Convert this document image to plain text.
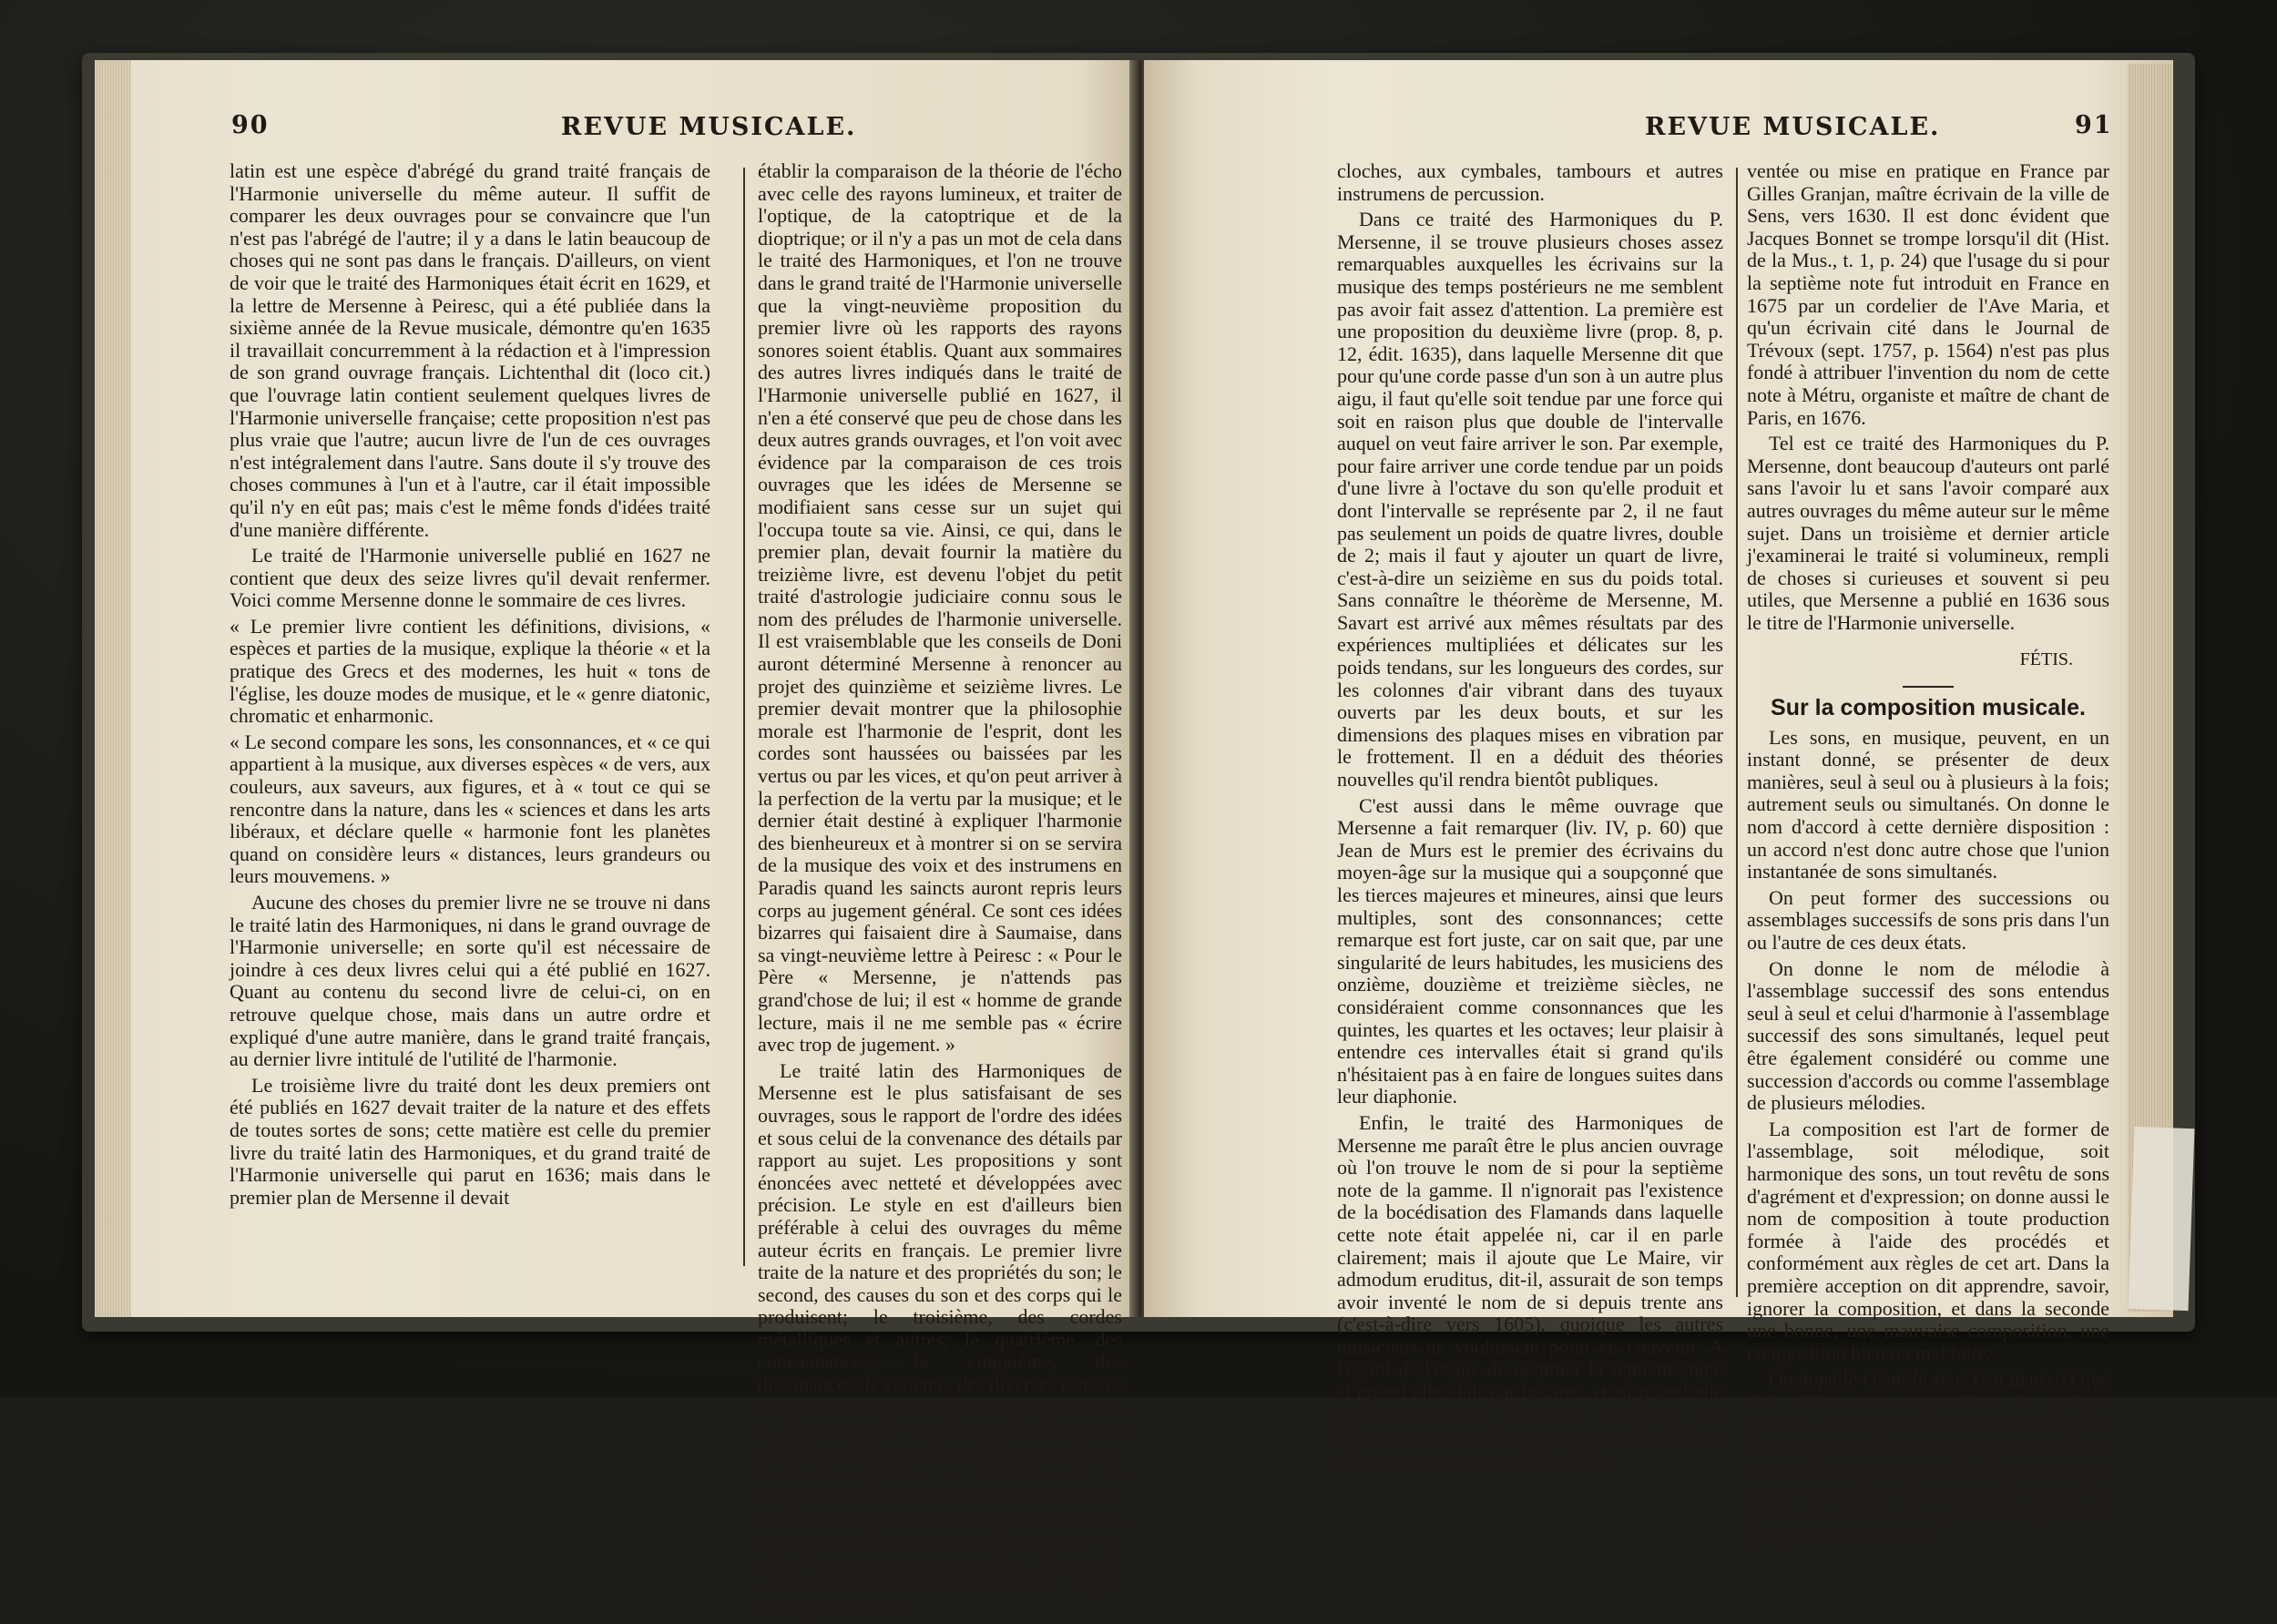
90	REVUE MUSICALE.

latin est une espèce d'abrégé du grand traité français de l'Harmonie universelle du même auteur. Il suffit de comparer les deux ouvrages pour se convaincre que l'un n'est pas l'abrégé de l'autre; il y a dans le latin beaucoup de choses qui ne sont pas dans le français. D'ailleurs, on vient de voir que le traité des Harmoniques était écrit en 1629, et la lettre de Mersenne à Peiresc, qui a été publiée dans la sixième année de la Revue musicale, démontre qu'en 1635 il travaillait concurremment à la rédaction et à l'impression de son grand ouvrage français. Lichtenthal dit (loco cit.) que l'ouvrage latin contient seulement quelques livres de l'Harmonie universelle française; cette proposition n'est pas plus vraie que l'autre; aucun livre de l'un de ces ouvrages n'est intégralement dans l'autre. Sans doute il s'y trouve des choses communes à l'un et à l'autre, car il était impossible qu'il n'y en eût pas; mais c'est le même fonds d'idées traité d'une manière différente.

Le traité de l'Harmonie universelle publié en 1627 ne contient que deux des seize livres qu'il devait renfermer. Voici comme Mersenne donne le sommaire de ces livres.

« Le premier livre contient les définitions, divisions, « espèces et parties de la musique, explique la théorie « et la pratique des Grecs et des modernes, les huit « tons de l'église, les douze modes de musique, et le « genre diatonic, chromatic et enharmonic.

« Le second compare les sons, les consonnances, et « ce qui appartient à la musique, aux diverses espèces « de vers, aux couleurs, aux saveurs, aux figures, et à « tout ce qui se rencontre dans la nature, dans les « sciences et dans les arts libéraux, et déclare quelle « harmonie font les planètes quand on considère leurs « distances, leurs grandeurs ou leurs mouvemens. »

Aucune des choses du premier livre ne se trouve ni dans le traité latin des Harmoniques, ni dans le grand ouvrage de l'Harmonie universelle; en sorte qu'il est nécessaire de joindre à ces deux livres celui qui a été publié en 1627. Quant au contenu du second livre de celui-ci, on en retrouve quelque chose, mais dans un autre ordre et expliqué d'une autre manière, dans le grand traité français, au dernier livre intitulé de l'utilité de l'harmonie.

Le troisième livre du traité dont les deux premiers ont été publiés en 1627 devait traiter de la nature et des effets de toutes sortes de sons; cette matière est celle du premier livre du traité latin des Harmoniques, et du grand traité de l'Harmonie universelle qui parut en 1636; mais dans le premier plan de Mersenne il devait

établir la comparaison de la théorie de l'écho avec celle des rayons lumineux, et traiter de l'optique, de la catoptrique et de la dioptrique; or il n'y a pas un mot de cela dans le traité des Harmoniques, et l'on ne trouve dans le grand traité de l'Harmonie universelle que la vingt-neuvième proposition du premier livre où les rapports des rayons sonores soient établis. Quant aux sommaires des autres livres indiqués dans le traité de l'Harmonie universelle publié en 1627, il n'en a été conservé que peu de chose dans les deux autres grands ouvrages, et l'on voit avec évidence par la comparaison de ces trois ouvrages que les idées de Mersenne se modifiaient sans cesse sur un sujet qui l'occupa toute sa vie. Ainsi, ce qui, dans le premier plan, devait fournir la matière du treizième livre, est devenu l'objet du petit traité d'astrologie judiciaire connu sous le nom des préludes de l'harmonie universelle. Il est vraisemblable que les conseils de Doni auront déterminé Mersenne à renoncer au projet des quinzième et seizième livres. Le premier devait montrer que la philosophie morale est l'harmonie de l'esprit, dont les cordes sont haussées ou baissées par les vertus ou par les vices, et qu'on peut arriver à la perfection de la vertu par la musique; et le dernier était destiné à expliquer l'harmonie des bienheureux et à montrer si on se servira de la musique des voix et des instrumens en Paradis quand les saincts auront repris leurs corps au jugement général. Ce sont ces idées bizarres qui faisaient dire à Saumaise, dans sa vingt-neuvième lettre à Peiresc : « Pour le Père « Mersenne, je n'attends pas grand'chose de lui; il est « homme de grande lecture, mais il ne me semble pas « écrire avec trop de jugement. »

Le traité latin des Harmoniques de Mersenne est le plus satisfaisant de ses ouvrages, sous le rapport de l'ordre des idées et sous celui de la convenance des détails par rapport au sujet. Les propositions y sont énoncées avec netteté et développées avec précision. Le style en est d'ailleurs bien préférable à celui des ouvrages du même auteur écrits en français. Le premier livre traite de la nature et des propriétés du son; le second, des causes du son et des corps qui le produisent; le troisième, des cordes métalliques et autres; le quatrième, des consonnances; le cinquième, des dissonances; le sixième, des diverses espèces de consonnances qui déterminent les modes et les genres; le septième, des chants ou mélodies, de leur nombre, de leurs parties et de leurs espèces; le huitième, de la composition, de l'art du chant et de la voix. La seconde partie de l'ouvrage traite des instrumens en quatre livres. Le premier est relatif aux instrumens à cordes; le second, aux instrumens à vent; le troisième à l'orgue, et le quatrième aux

REVUE MUSICALE.	91

cloches, aux cymbales, tambours et autres instrumens de percussion.

Dans ce traité des Harmoniques du P. Mersenne, il se trouve plusieurs choses assez remarquables auxquelles les écrivains sur la musique des temps postérieurs ne me semblent pas avoir fait assez d'attention. La première est une proposition du deuxième livre (prop. 8, p. 12, édit. 1635), dans laquelle Mersenne dit que pour qu'une corde passe d'un son à un autre plus aigu, il faut qu'elle soit tendue par une force qui soit en raison plus que double de l'intervalle auquel on veut faire arriver le son. Par exemple, pour faire arriver une corde tendue par un poids d'une livre à l'octave du son qu'elle produit et dont l'intervalle se représente par 2, il ne faut pas seulement un poids de quatre livres, double de 2; mais il faut y ajouter un quart de livre, c'est-à-dire un seizième en sus du poids total. Sans connaître le théorème de Mersenne, M. Savart est arrivé aux mêmes résultats par des expériences multipliées et délicates sur les poids tendans, sur les longueurs des cordes, sur les colonnes d'air vibrant dans des tuyaux ouverts par les deux bouts, et sur les dimensions des plaques mises en vibration par le frottement. Il en a déduit des théories nouvelles qu'il rendra bientôt publiques.

C'est aussi dans le même ouvrage que Mersenne a fait remarquer (liv. IV, p. 60) que Jean de Murs est le premier des écrivains du moyen-âge sur la musique qui a soupçonné que les tierces majeures et mineures, ainsi que leurs multiples, sont des consonnances; cette remarque est fort juste, car on sait que, par une singularité de leurs habitudes, les musiciens des onzième, douzième et treizième siècles, ne considéraient comme consonnances que les quintes, les quartes et les octaves; leur plaisir à entendre ces intervalles était si grand qu'ils n'hésitaient pas à en faire de longues suites dans leur diaphonie.

Enfin, le traité des Harmoniques de Mersenne me paraît être le plus ancien ouvrage où l'on trouve le nom de si pour la septième note de la gamme. Il n'ignorait pas l'existence de la bocédisation des Flamands dans laquelle cette note était appelée ni, car il en parle clairement; mais il ajoute que Le Maire, vir admodum eruditus, dit-il, assurait de son temps avoir inventé le nom de si depuis trente ans (c'est-à-dire vers 1605), quoique les autres musiciens ne voulussent point en convenir. A l'égard de l'usage de nommer la septième note si quand elle était par bécarre, et za quand elle était par bémol, Mersenne dit, dans son Harmonie universelle (avertissement du 5e livre de la composition), qu'elle a été in-

ventée ou mise en pratique en France par Gilles Granjan, maître écrivain de la ville de Sens, vers 1630. Il est donc évident que Jacques Bonnet se trompe lorsqu'il dit (Hist. de la Mus., t. 1, p. 24) que l'usage du si pour la septième note fut introduit en France en 1675 par un cordelier de l'Ave Maria, et qu'un écrivain cité dans le Journal de Trévoux (sept. 1757, p. 1564) n'est pas plus fondé à attribuer l'invention du nom de cette note à Métru, organiste et maître de chant de Paris, en 1676.

Tel est ce traité des Harmoniques du P. Mersenne, dont beaucoup d'auteurs ont parlé sans l'avoir lu et sans l'avoir comparé aux autres ouvrages du même auteur sur le même sujet. Dans un troisième et dernier article j'examinerai le traité si volumineux, rempli de choses si curieuses et souvent si peu utiles, que Mersenne a publié en 1636 sous le titre de l'Harmonie universelle.

FÉTIS.
Sur la composition musicale.

Les sons, en musique, peuvent, en un instant donné, se présenter de deux manières, seul à seul ou à plusieurs à la fois; autrement seuls ou simultanés. On donne le nom d'accord à cette dernière disposition : un accord n'est donc autre chose que l'union instantanée de sons simultanés.

On peut former des successions ou assemblages successifs de sons pris dans l'un ou l'autre de ces deux états.

On donne le nom de mélodie à l'assemblage successif des sons entendus seul à seul et celui d'harmonie à l'assemblage successif des sons simultanés, lequel peut être également considéré ou comme une succession d'accords ou comme l'assemblage de plusieurs mélodies.

La composition est l'art de former de l'assemblage, soit mélodique, soit harmonique des sons, un tout revêtu de sons d'agrément et d'expression; on donne aussi le nom de composition à toute production formée à l'aide des procédés et conformément aux règles de cet art. Dans la première acception on dit apprendre, savoir, ignorer la composition, et dans la seconde une bonne, une mauvaise composition, une composition bien ou mal faite.

On appelle chant le sens (sui generis) que doit offrir toute composition, de quelque genre et à quelque nombre de parties qu'elle puisse être. Ce chant, quels qu'en soient le style et le caractère, peut résider en une seule partie ou résulter du concours de toutes les parties. Ce dernier cas, qui n'a lieu que dans quelques circonstances
